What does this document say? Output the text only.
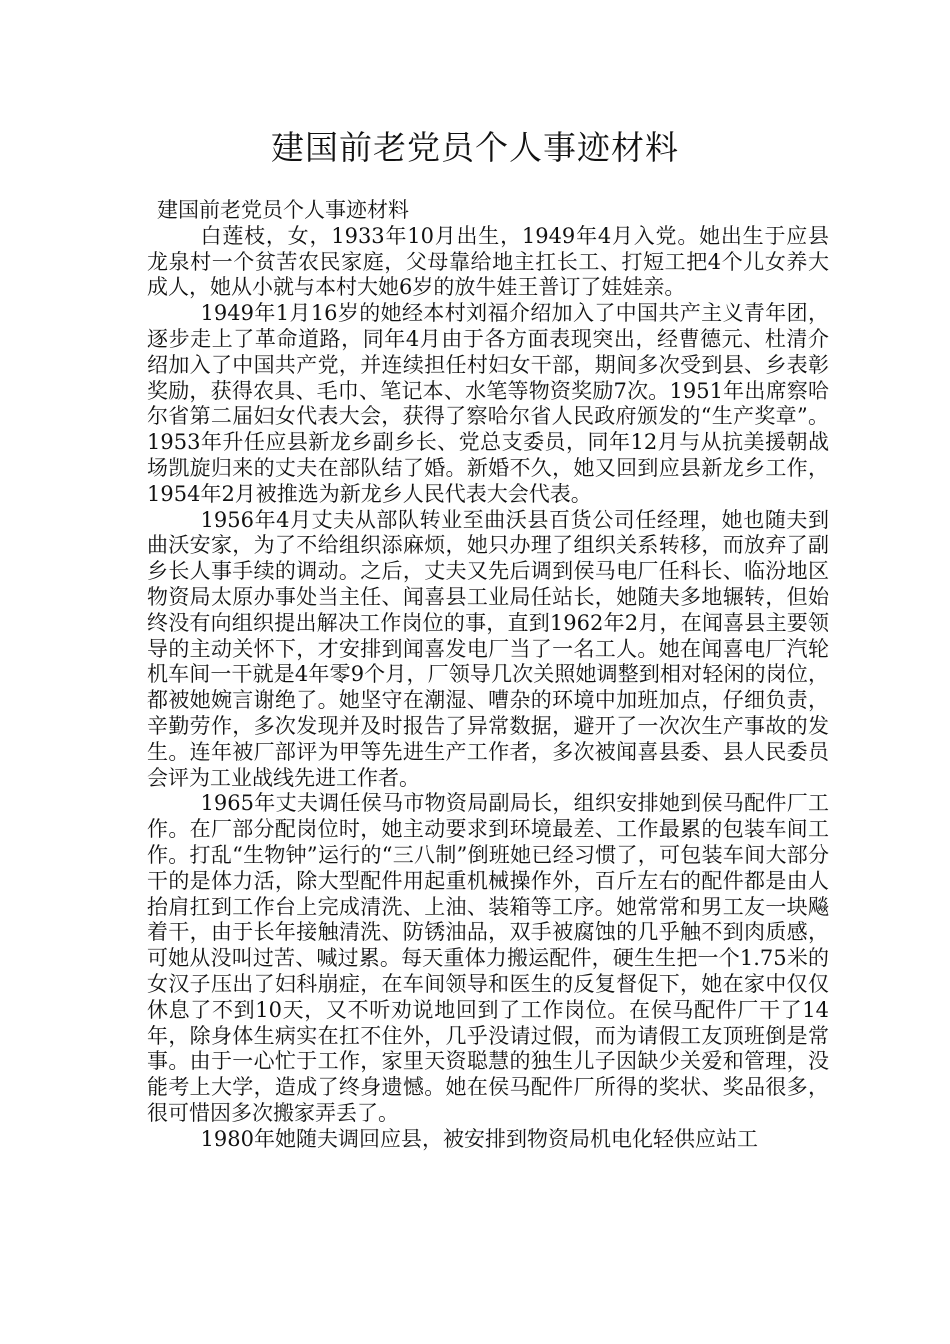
建国前老党员个人事迹材料

建国前老党员个人事迹材料

白莲枝，女，1933年10月出生，1949年4月入党。她出生于应县龙泉村一个贫苦农民家庭，父母靠给地主扛长工、打短工把4个儿女养大成人，她从小就与本村大她6岁的放牛娃王普订了娃娃亲。

1949年1月16岁的她经本村刘福介绍加入了中国共产主义青年团，逐步走上了革命道路，同年4月由于各方面表现突出，经曹德元、杜清介绍加入了中国共产党，并连续担任村妇女干部，期间多次受到县、乡表彰奖励，获得农具、毛巾、笔记本、水笔等物资奖励7次。1951年出席察哈尔省第二届妇女代表大会，获得了察哈尔省人民政府颁发的“生产奖章”。1953年升任应县新龙乡副乡长、党总支委员，同年12月与从抗美援朝战场凯旋归来的丈夫在部队结了婚。新婚不久，她又回到应县新龙乡工作，1954年2月被推选为新龙乡人民代表大会代表。

1956年4月丈夫从部队转业至曲沃县百货公司任经理，她也随夫到曲沃安家，为了不给组织添麻烦，她只办理了组织关系转移，而放弃了副乡长人事手续的调动。之后，丈夫又先后调到侯马电厂任科长、临汾地区物资局太原办事处当主任、闻喜县工业局任站长，她随夫多地辗转，但始终没有向组织提出解决工作岗位的事，直到1962年2月，在闻喜县主要领导的主动关怀下，才安排到闻喜发电厂当了一名工人。她在闻喜电厂汽轮机车间一干就是4年零9个月，厂领导几次关照她调整到相对轻闲的岗位，都被她婉言谢绝了。她坚守在潮湿、嘈杂的环境中加班加点，仔细负责，辛勤劳作，多次发现并及时报告了异常数据，避开了一次次生产事故的发生。连年被厂部评为甲等先进生产工作者，多次被闻喜县委、县人民委员会评为工业战线先进工作者。

1965年丈夫调任侯马市物资局副局长，组织安排她到侯马配件厂工作。在厂部分配岗位时，她主动要求到环境最差、工作最累的包装车间工作。打乱“生物钟”运行的“三八制”倒班她已经习惯了，可包装车间大部分干的是体力活，除大型配件用起重机械操作外，百斤左右的配件都是由人抬肩扛到工作台上完成清洗、上油、装箱等工序。她常常和男工友一块飚着干，由于长年接触清洗、防锈油品，双手被腐蚀的几乎触不到肉质感，可她从没叫过苦、喊过累。每天重体力搬运配件，硬生生把一个1.75米的女汉子压出了妇科崩症，在车间领导和医生的反复督促下，她在家中仅仅休息了不到10天，又不听劝说地回到了工作岗位。在侯马配件厂干了14年，除身体生病实在扛不住外，几乎没请过假，而为请假工友顶班倒是常事。由于一心忙于工作，家里天资聪慧的独生儿子因缺少关爱和管理，没能考上大学，造成了终身遗憾。她在侯马配件厂所得的奖状、奖品很多，很可惜因多次搬家弄丢了。

1980年她随夫调回应县，被安排到物资局机电化轻供应站工
